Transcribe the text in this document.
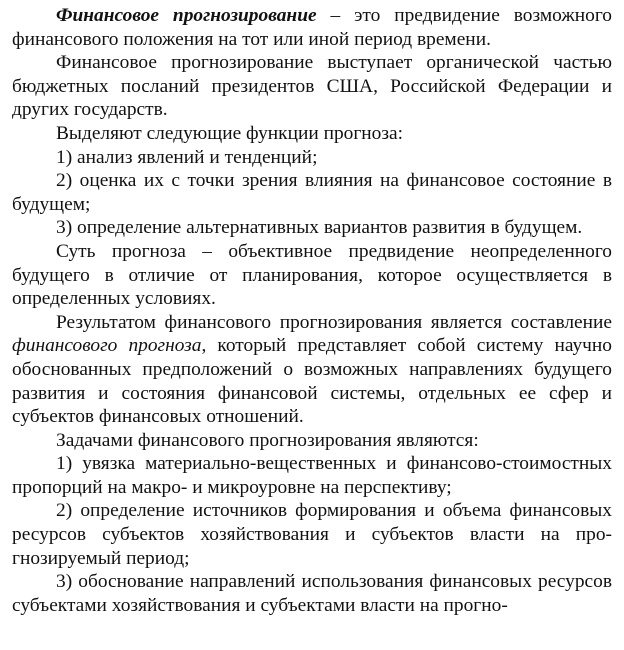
Финансовое прогнозирование – это предвидение возможного финансового положения на тот или иной период времени.

Финансовое прогнозирование выступает органической частью бюджетных посланий президентов США, Российской Федерации и других государств.

Выделяют следующие функции прогноза:

1) анализ явлений и тенденций;

2) оценка их с точки зрения влияния на финансовое состояние в будущем;

3) определение альтернативных вариантов развития в будущем.

Суть прогноза – объективное предвидение неопределенного будущего в отличие от планирования, которое осуществляется в определенных условиях.

Результатом финансового прогнозирования является составление финансового прогноза, который представляет собой систему научно обоснованных предположений о возможных направлениях будущего развития и состояния финансовой системы, отдельных ее сфер и субъектов финансовых отношений.

Задачами финансового прогнозирования являются:

1) увязка материально-вещественных и финансово-стоимостных пропорций на макро- и микроуровне на перспективу;

2) определение источников формирования и объема финансовых ресурсов субъектов хозяйствования и субъектов власти на прогнозируемый период;

3) обоснование направлений использования финансовых ресурсов субъектами хозяйствования и субъектами власти на прогно-
